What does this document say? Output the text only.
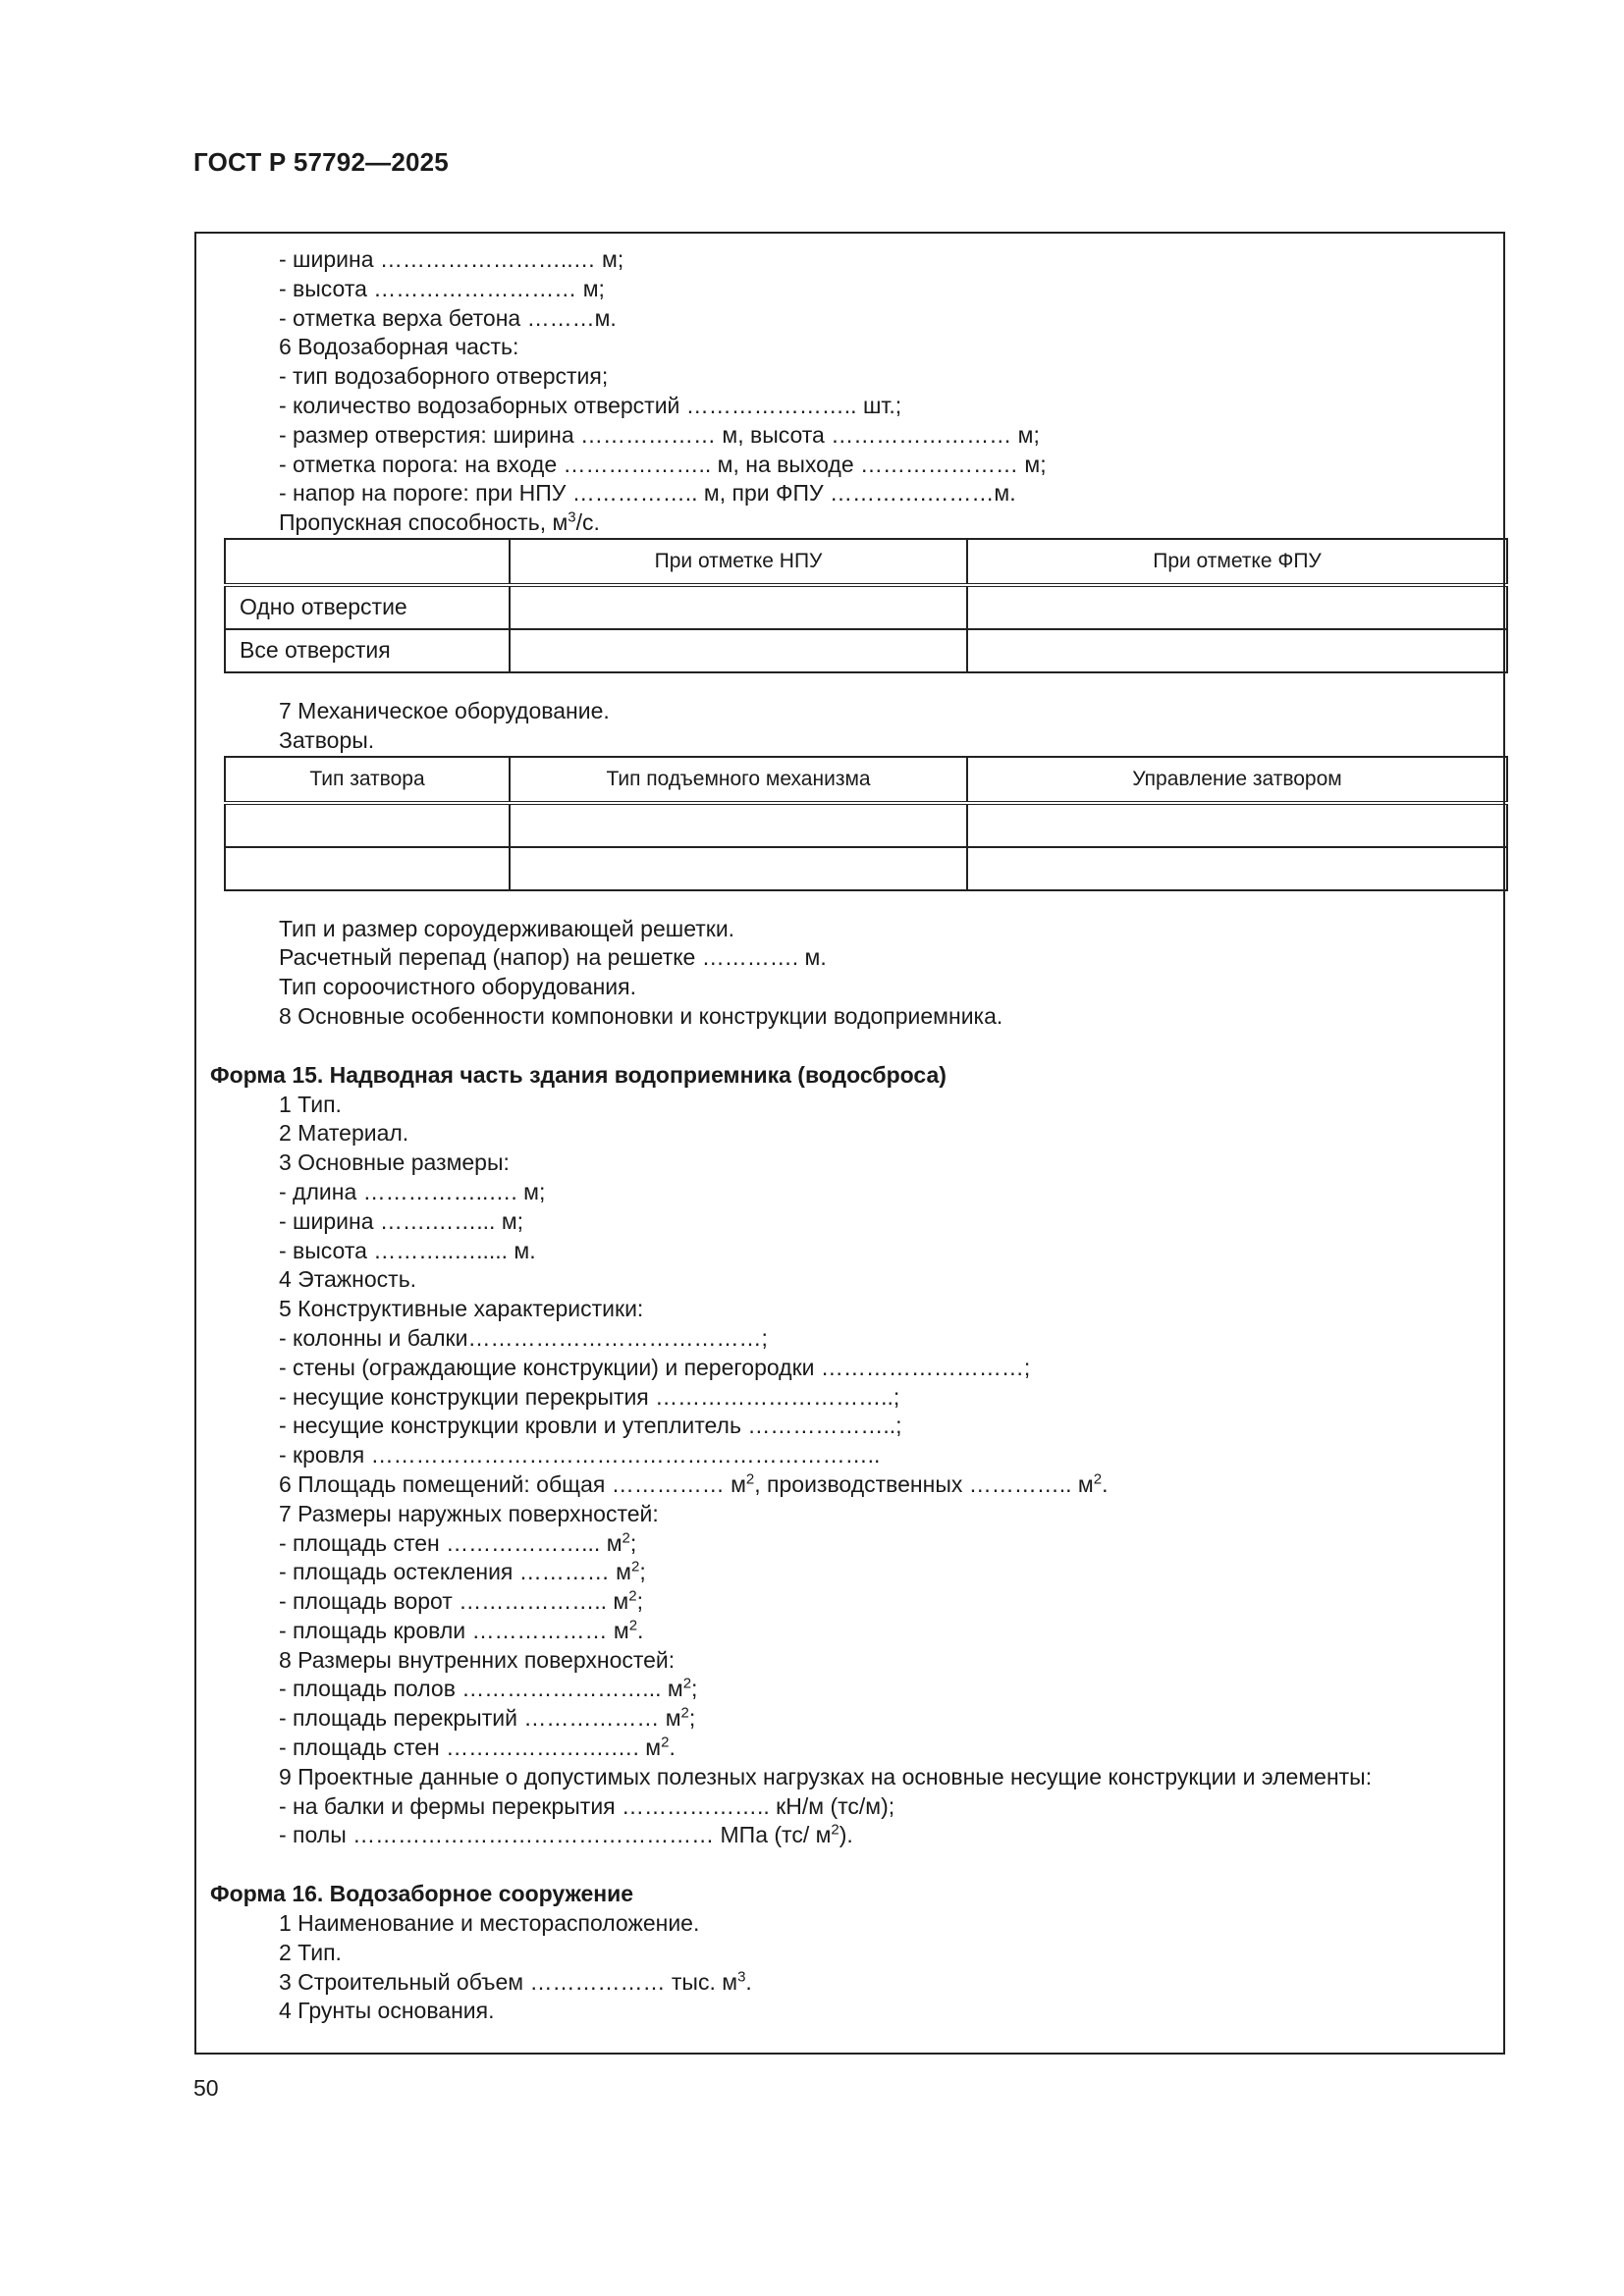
ГОСТ Р 57792—2025
- ширина ……………………..… м;
- высота ……………………… м;
- отметка верха бетона ………м.
6 Водозаборная часть:
- тип водозаборного отверстия;
- количество водозаборных отверстий ………………….. шт.;
- размер отверстия: ширина ……………… м, высота …………………… м;
- отметка порога: на входе ……………….. м, на выходе ………………… м;
- напор на пороге: при НПУ …………….. м, при ФПУ ………….………м.
Пропускная способность, $м^3/с$.
	При отметке НПУ	При отметке ФПУ
Одно отверстие		
Все отверстия		
7 Механическое оборудование.
Затворы.
Тип затвора	Тип подъемного механизма	Управление затвором

Тип и размер сороудерживающей решетки.
Расчетный перепад (напор) на решетке …………. м.
Тип сороочистного оборудования.
8 Основные особенности компоновки и конструкции водоприемника.
Форма 15. Надводная часть здания водоприемника (водосброса)
1 Тип.
2 Материал.
3 Основные размеры:
- длина ……………..…. м;
- ширина …….……... м;
- высота ………..…..... м.
4 Этажность.
5 Конструктивные характеристики:
- колонны и балки…………………………………;
- стены (ограждающие конструкции) и перегородки ………………………;
- несущие конструкции перекрытия …………………………..;
- несущие конструкции кровли и утеплитель ………………..;
- кровля …………………………………………………………..
6 Площадь помещений: общая …………… $м^2$, производственных ………….. $м^2$.
7 Размеры наружных поверхностей:
- площадь стен ………………... $м^2$;
- площадь остекления ………… $м^2$;
- площадь ворот ……………….. $м^2$;
- площадь кровли ……………… $м^2$.
8 Размеры внутренних поверхностей:
- площадь полов ……………………... $м^2$;
- площадь перекрытий ……………… $м^2$;
- площадь стен ………………….…. $м^2$.
9 Проектные данные о допустимых полезных нагрузках на основные несущие конструкции и элементы:
- на балки и фермы перекрытия ……………….. кН/м (тс/м);
- полы ………………………………………… МПа (тс/ $м^2$).
Форма 16. Водозаборное сооружение
1 Наименование и месторасположение.
2 Тип.
3 Строительный объем ……………… тыс. $м^3$.
4 Грунты основания.
50
